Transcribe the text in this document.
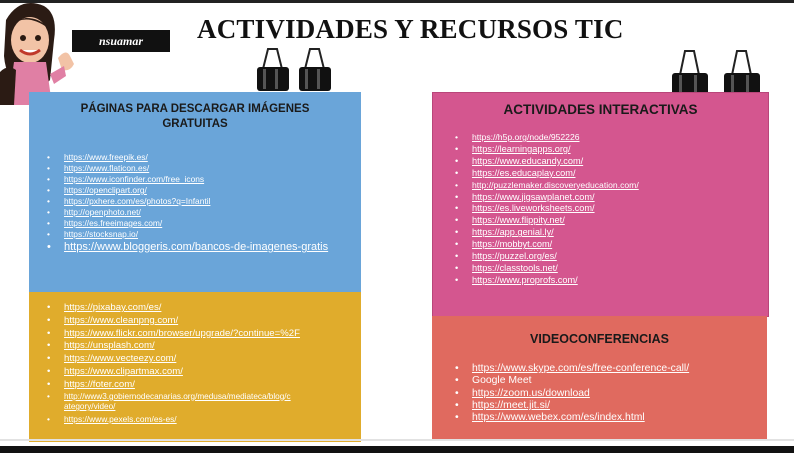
nsuamar	ACTIVIDADES Y RECURSOS TIC
PÁGINAS PARA DESCARGAR IMÁGENES
GRATUITAS
• https://www.freepik.es/
• https://www.flaticon.es/
• https://www.iconfinder.com/free_icons
• https://openclipart.org/
• https://pxhere.com/es/photos?q=Infantil
• http://openphoto.net/
• https://es.freeimages.com/
• https://stocksnap.io/
• https://www.bloggeris.com/bancos-de-imagenes-gratis
• https://pixabay.com/es/
• https://www.cleanpng.com/
• https://www.flickr.com/browser/upgrade/?continue=%2F
• https://unsplash.com/
• https://www.vecteezy.com/
• https://www.clipartmax.com/
• https://foter.com/
• http://www3.gobiernodecanarias.org/medusa/mediateca/blog/c
ategory/video/
• https://www.pexels.com/es-es/
ACTIVIDADES INTERACTIVAS
VIDEOCONFERENCIAS
• https://h5p.org/node/952226
• https://learningapps.org/
• https://www.educandy.com/
• https://es.educaplay.com/
• http://puzzlemaker.discoveryeducation.com/
• https://www.jigsawplanet.com/
• https://es.liveworksheets.com/
• https://www.flippity.net/
• https://app.genial.ly/
• https://mobbyt.com/
• https://puzzel.org/es/
• https://classtools.net/
• https://www.proprofs.com/
• https://www.skype.com/es/free-conference-call/
• Google Meet
• https://zoom.us/download
• https://meet.jit.si/
• https://www.webex.com/es/index.html
